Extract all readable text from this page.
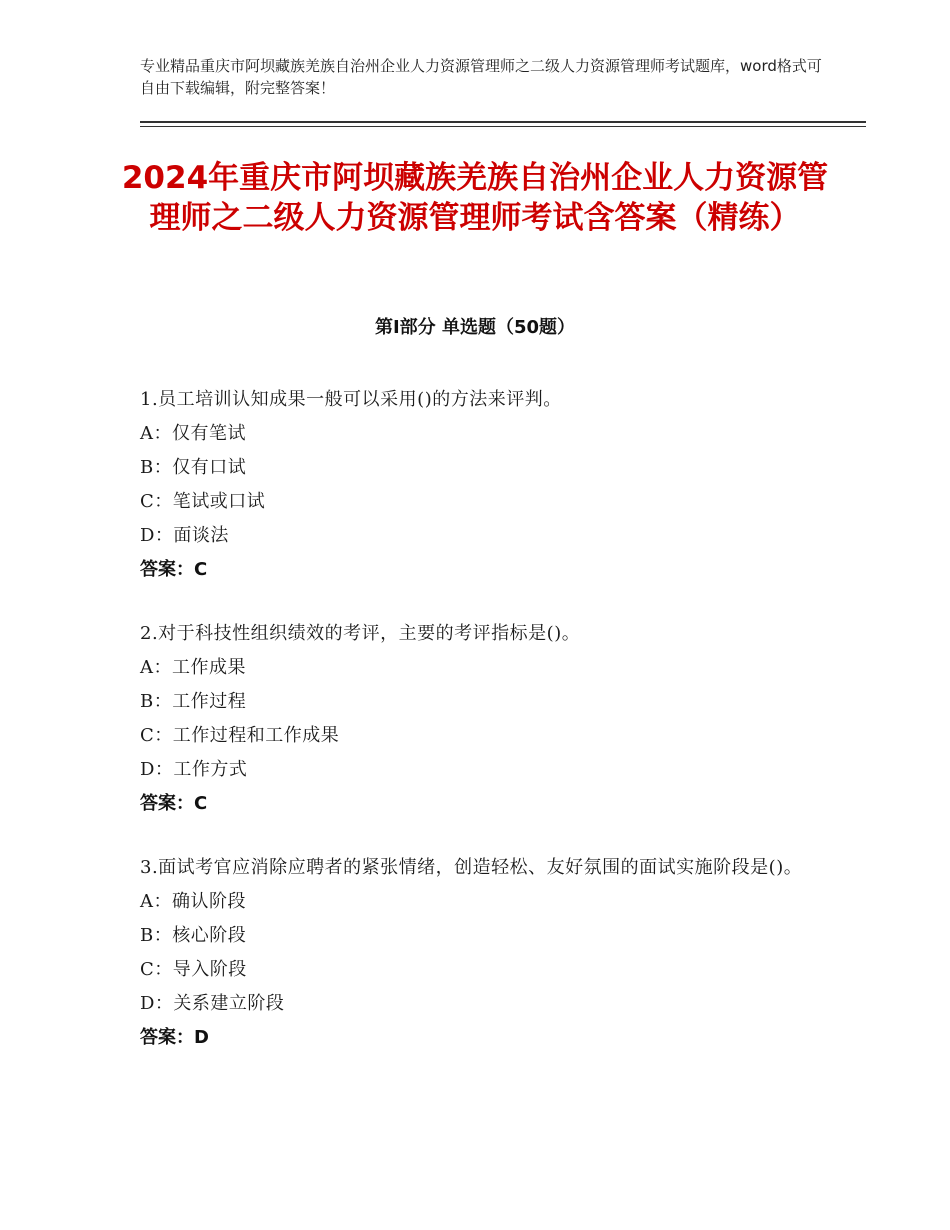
专业精品重庆市阿坝藏族羌族自治州企业人力资源管理师之二级人力资源管理师考试题库，word格式可自由下载编辑，附完整答案！
2024年重庆市阿坝藏族羌族自治州企业人力资源管理师之二级人力资源管理师考试含答案（精练）
第Ⅰ部分 单选题（50题）
1.员工培训认知成果一般可以采用()的方法来评判。
A：仅有笔试
B：仅有口试
C：笔试或口试
D：面谈法
答案：C
2.对于科技性组织绩效的考评，主要的考评指标是()。
A：工作成果
B：工作过程
C：工作过程和工作成果
D：工作方式
答案：C
3.面试考官应消除应聘者的紧张情绪，创造轻松、友好氛围的面试实施阶段是()。
A：确认阶段
B：核心阶段
C：导入阶段
D：关系建立阶段
答案：D
